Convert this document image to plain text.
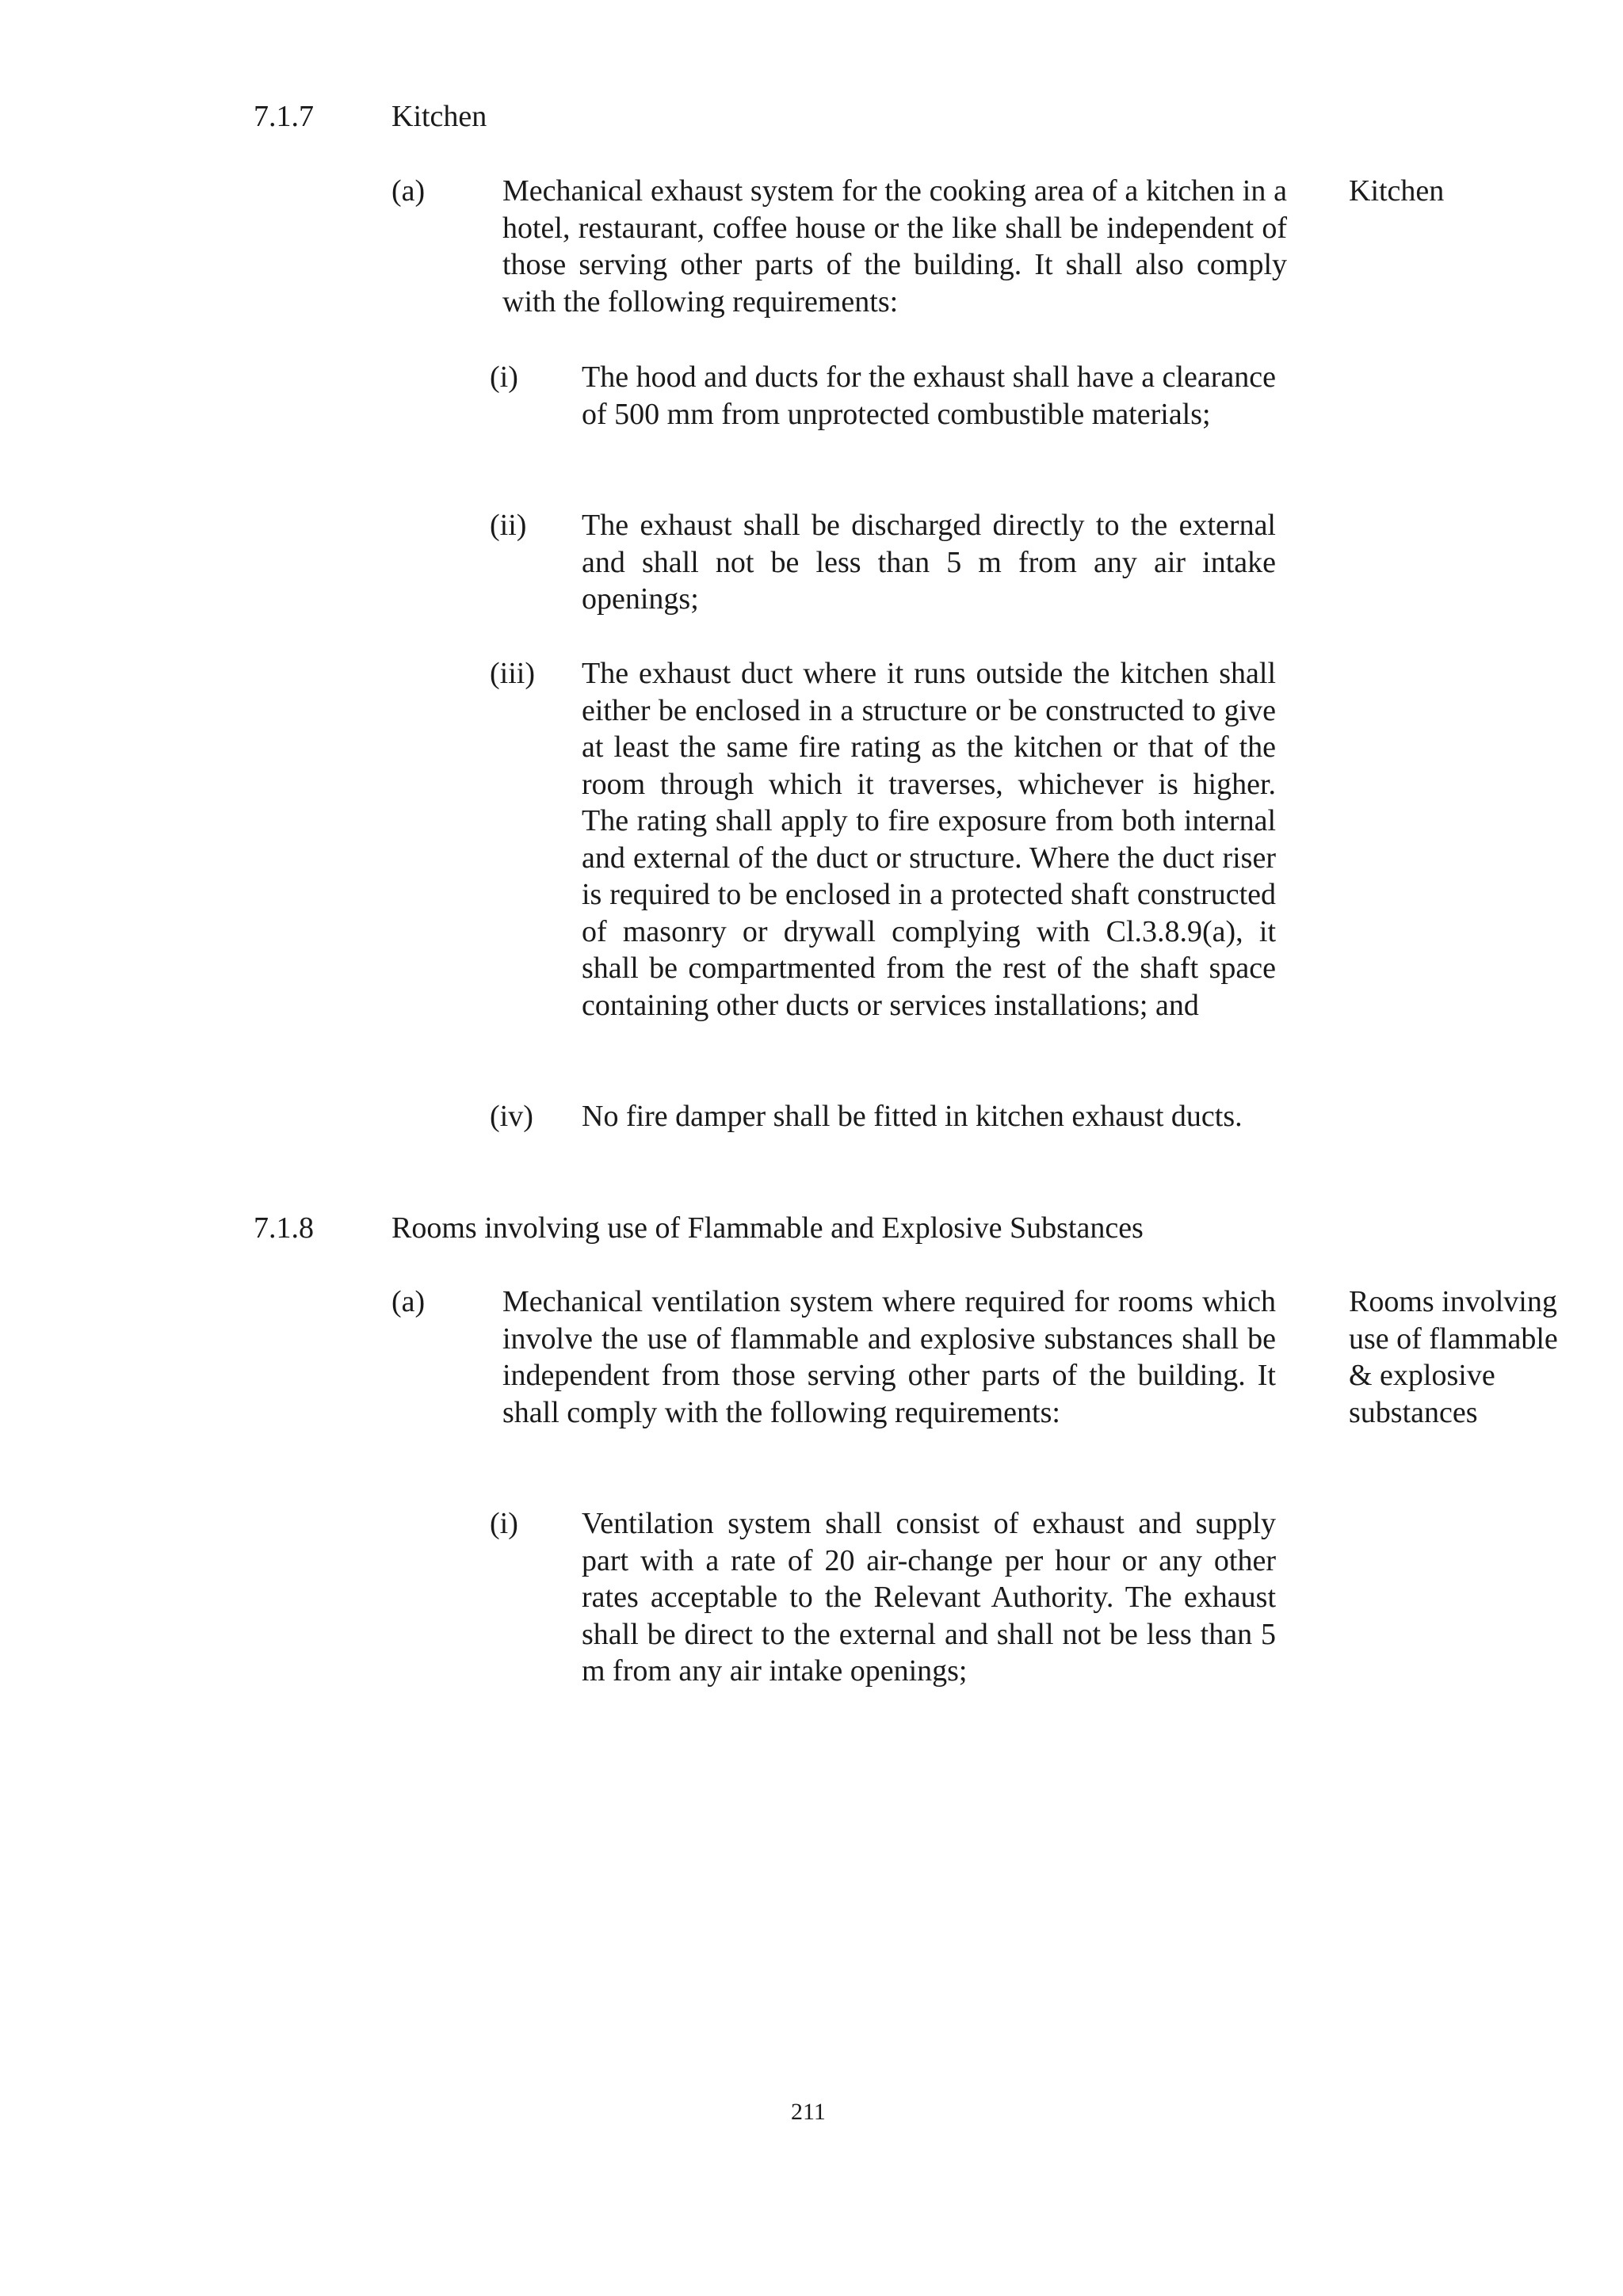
7.1.7	Kitchen
(a)	Mechanical exhaust system for the cooking area of a kitchen in a hotel, restaurant, coffee house or the like shall be independent of those serving other parts of the building. It shall also comply with the following requirements:
Kitchen
(i) The hood and ducts for the exhaust shall have a clearance of 500 mm from unprotected combustible materials;
(ii) The exhaust shall be discharged directly to the external and shall not be less than 5 m from any air intake openings;
(iii) The exhaust duct where it runs outside the kitchen shall either be enclosed in a structure or be constructed to give at least the same fire rating as the kitchen or that of the room through which it traverses, whichever is higher. The rating shall apply to fire exposure from both internal and external of the duct or structure. Where the duct riser is required to be enclosed in a protected shaft constructed of masonry or drywall complying with Cl.3.8.9(a), it shall be compartmented from the rest of the shaft space containing other ducts or services installations; and
(iv) No fire damper shall be fitted in kitchen exhaust ducts.
7.1.8	Rooms involving use of Flammable and Explosive Substances
(a)	Mechanical ventilation system where required for rooms which involve the use of flammable and explosive substances shall be independent from those serving other parts of the building. It shall comply with the following requirements:
Rooms involving
use of flammable
& explosive
substances
(i) Ventilation system shall consist of exhaust and supply part with a rate of 20 air-change per hour or any other rates acceptable to the Relevant Authority. The exhaust shall be direct to the external and shall not be less than 5 m from any air intake openings;
211
